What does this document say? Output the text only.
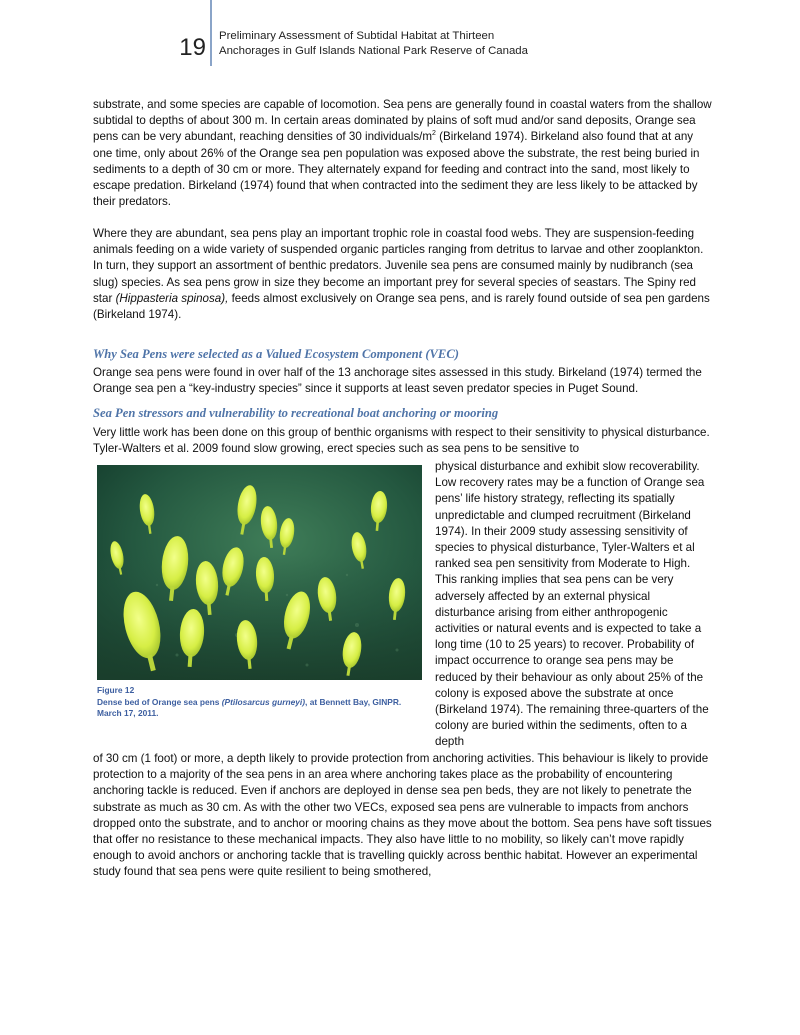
19 Preliminary Assessment of Subtidal Habitat at Thirteen
Anchorages in Gulf Islands National Park Reserve of Canada

substrate, and some species are capable of locomotion. Sea pens are generally found in coastal waters from the shallow subtidal to depths of about 300 m. In certain areas dominated by plains of soft mud and/or sand deposits, Orange sea pens can be very abundant, reaching densities of 30 individuals/$m^2$ (Birkeland 1974). Birkeland also found that at any one time, only about 26% of the Orange sea pen population was exposed above the substrate, the rest being buried in sediments to a depth of 30 cm or more. They alternately expand for feeding and contract into the sand, most likely to escape predation. Birkeland (1974) found that when contracted into the sediment they are less likely to be attacked by their predators.

Where they are abundant, sea pens play an important trophic role in coastal food webs. They are suspension-feeding animals feeding on a wide variety of suspended organic particles ranging from detritus to larvae and other zooplankton. In turn, they support an assortment of benthic predators. Juvenile sea pens are consumed mainly by nudibranch (sea slug) species. As sea pens grow in size they become an important prey for several species of seastars. The Spiny red star (Hippasteria spinosa), feeds almost exclusively on Orange sea pens, and is rarely found outside of sea pen gardens (Birkeland 1974).

Why Sea Pens were selected as a Valued Ecosystem Component (VEC)

Orange sea pens were found in over half of the 13 anchorage sites assessed in this study. Birkeland (1974) termed the Orange sea pen a “key-industry species” since it supports at least seven predator species in Puget Sound.

Sea Pen stressors and vulnerability to recreational boat anchoring or mooring

Very little work has been done on this group of benthic organisms with respect to their sensitivity to physical disturbance. Tyler-Walters et al. 2009 found slow growing, erect species such as sea pens to be sensitive to

Figure 12
Dense bed of Orange sea pens (Ptilosarcus gurneyi), at Bennett Bay, GINPR. March 17, 2011.

physical disturbance and exhibit slow recoverability. Low recovery rates may be a function of Orange sea pens’ life history strategy, reflecting its spatially unpredictable and clumped recruitment (Birkeland 1974). In their 2009 study assessing sensitivity of species to physical disturbance, Tyler-Walters et al ranked sea pen sensitivity from Moderate to High. This ranking implies that sea pens can be very adversely affected by an external physical disturbance arising from either anthropogenic activities or natural events and is expected to take a long time (10 to 25 years) to recover. Probability of impact occurrence to orange sea pens may be reduced by their behaviour as only about 25% of the colony is exposed above the substrate at once (Birkeland 1974). The remaining three-quarters of the colony are buried within the sediments, often to a depth

of 30 cm (1 foot) or more, a depth likely to provide protection from anchoring activities. This behaviour is likely to provide protection to a majority of the sea pens in an area where anchoring takes place as the probability of encountering anchoring tackle is reduced. Even if anchors are deployed in dense sea pen beds, they are not likely to penetrate the substrate as much as 30 cm. As with the other two VECs, exposed sea pens are vulnerable to impacts from anchors dropped onto the substrate, and to anchor or mooring chains as they move about the bottom. Sea pens have soft tissues that offer no resistance to these mechanical impacts. They also have little to no mobility, so likely can’t move rapidly enough to avoid anchors or anchoring tackle that is travelling quickly across benthic habitat. However an experimental study found that sea pens were quite resilient to being smothered,
